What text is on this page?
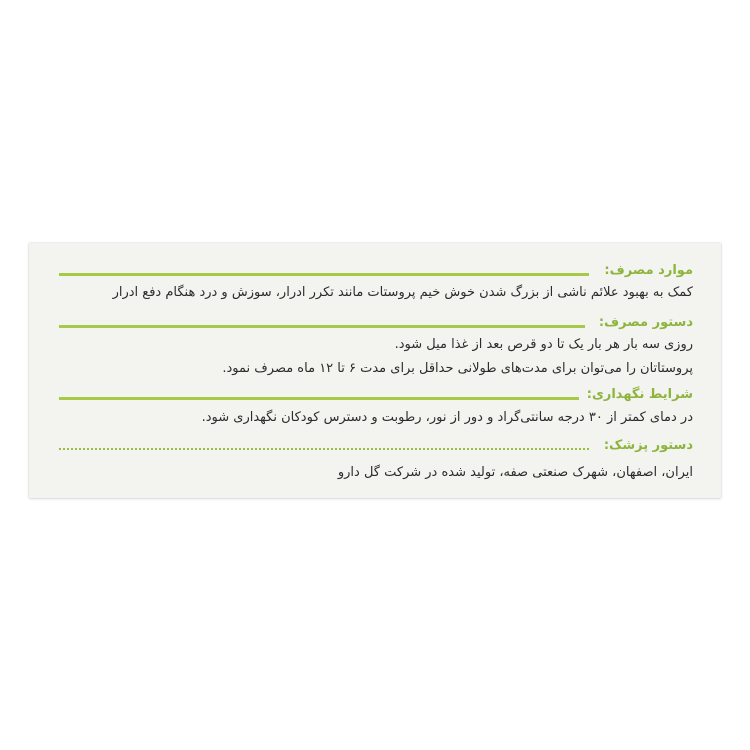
موارد مصرف:
کمک به بهبود علائم ناشی از بزرگ شدن خوش خیم پروستات مانند تکرر ادرار، سوزش و درد هنگام دفع ادرار
دستور مصرف:
روزی سه بار هر بار یک تا دو قرص بعد از غذا میل شود.
پروستاتان را می‌توان برای مدت‌های طولانی حداقل برای مدت ۶ تا ۱۲ ماه مصرف نمود.
شرایط نگهداری:
در دمای کمتر از ۳۰ درجه سانتی‌گراد و دور از نور، رطوبت و دسترس کودکان نگهداری شود.
دستور پزشک:
ایران، اصفهان، شهرک صنعتی صفه، تولید شده در شرکت گل دارو
